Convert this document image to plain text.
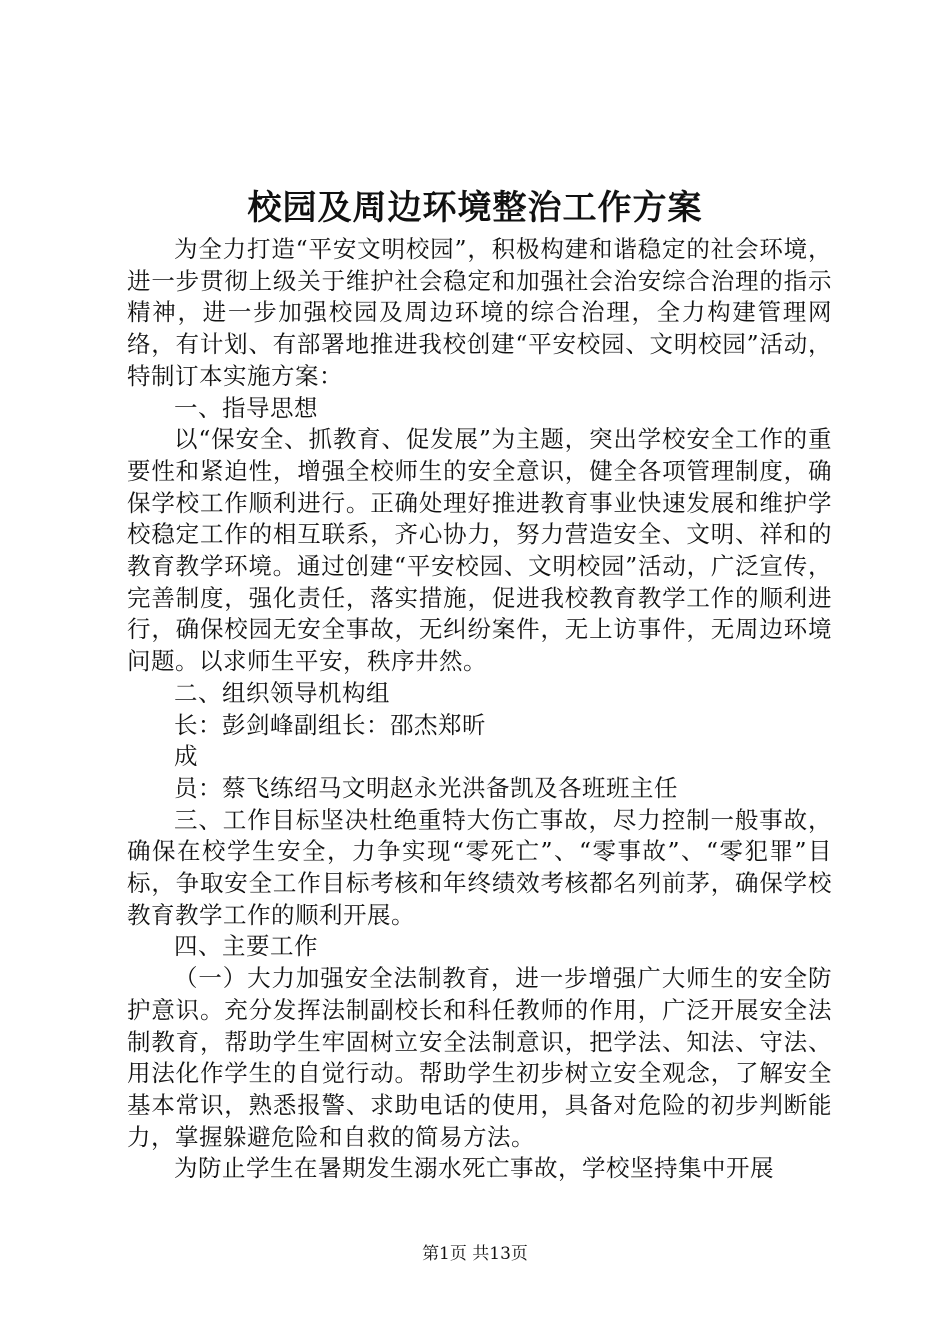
校园及周边环境整治工作方案

为全力打造“平安文明校园”，积极构建和谐稳定的社会环境，进一步贯彻上级关于维护社会稳定和加强社会治安综合治理的指示精神，进一步加强校园及周边环境的综合治理，全力构建管理网络，有计划、有部署地推进我校创建“平安校园、文明校园”活动，特制订本实施方案：

一、指导思想

以“保安全、抓教育、促发展”为主题，突出学校安全工作的重要性和紧迫性，增强全校师生的安全意识，健全各项管理制度，确保学校工作顺利进行。正确处理好推进教育事业快速发展和维护学校稳定工作的相互联系，齐心协力，努力营造安全、文明、祥和的教育教学环境。通过创建“平安校园、文明校园”活动，广泛宣传，完善制度，强化责任，落实措施，促进我校教育教学工作的顺利进行，确保校园无安全事故，无纠纷案件，无上访事件，无周边环境问题。以求师生平安，秩序井然。

二、组织领导机构组

长：彭剑峰副组长：邵杰郑昕

成

员：蔡飞练绍马文明赵永光洪备凯及各班班主任

三、工作目标坚决杜绝重特大伤亡事故，尽力控制一般事故，确保在校学生安全，力争实现“零死亡”、“零事故”、“零犯罪”目标，争取安全工作目标考核和年终绩效考核都名列前茅，确保学校教育教学工作的顺利开展。

四、主要工作

（一）大力加强安全法制教育，进一步增强广大师生的安全防护意识。充分发挥法制副校长和科任教师的作用，广泛开展安全法制教育，帮助学生牢固树立安全法制意识，把学法、知法、守法、用法化作学生的自觉行动。帮助学生初步树立安全观念，了解安全基本常识，熟悉报警、求助电话的使用，具备对危险的初步判断能力，掌握躲避危险和自救的简易方法。

为防止学生在暑期发生溺水死亡事故，学校坚持集中开展

第1页 共13页
